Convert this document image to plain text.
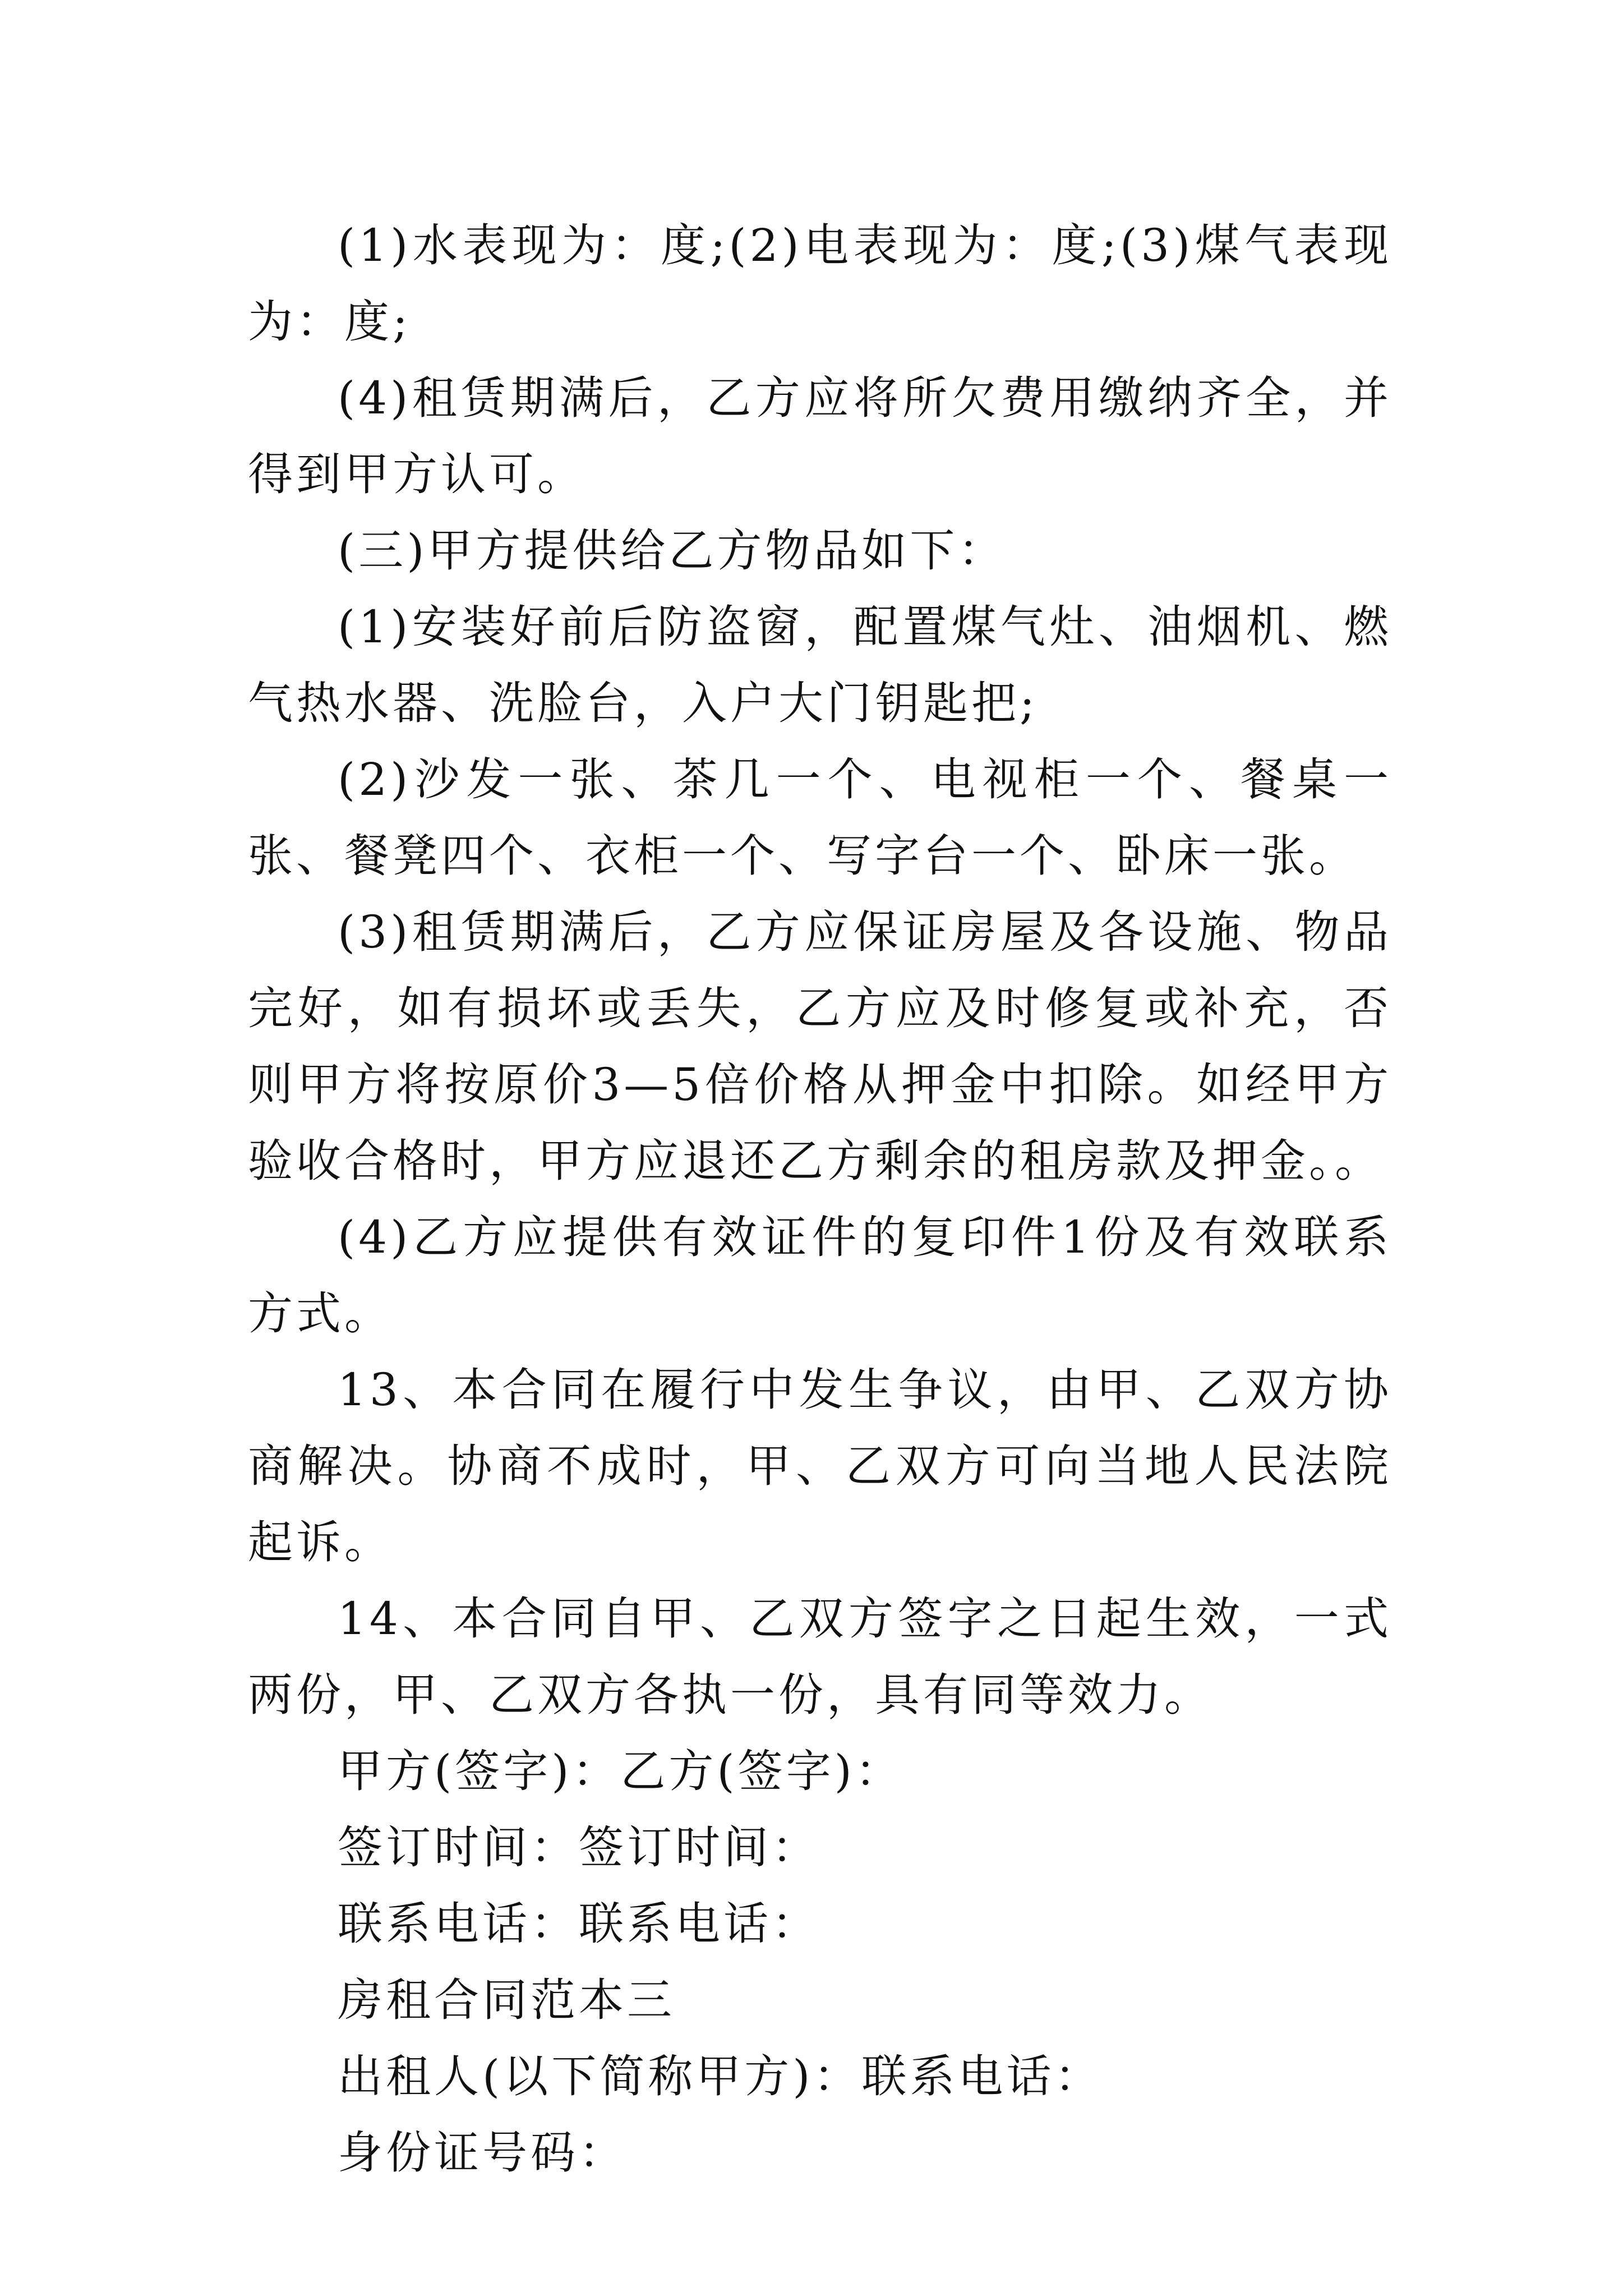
(1)水表现为：度;(2)电表现为：度;(3)煤气表现为：度;

(4)租赁期满后，乙方应将所欠费用缴纳齐全，并得到甲方认可。

(三)甲方提供给乙方物品如下：

(1)安装好前后防盗窗，配置煤气灶、油烟机、燃气热水器、洗脸台，入户大门钥匙把;

(2)沙发一张、茶几一个、电视柜一个、餐桌一张、餐凳四个、衣柜一个、写字台一个、卧床一张。

(3)租赁期满后，乙方应保证房屋及各设施、物品完好，如有损坏或丢失，乙方应及时修复或补充，否则甲方将按原价3—5倍价格从押金中扣除。如经甲方验收合格时，甲方应退还乙方剩余的租房款及押金。。

(4)乙方应提供有效证件的复印件1份及有效联系方式。

13、本合同在履行中发生争议，由甲、乙双方协商解决。协商不成时，甲、乙双方可向当地人民法院起诉。

14、本合同自甲、乙双方签字之日起生效，一式两份，甲、乙双方各执一份，具有同等效力。

甲方(签字)：乙方(签字)：

签订时间：签订时间：

联系电话：联系电话：

房租合同范本三

出租人(以下简称甲方)：联系电话：

身份证号码：
